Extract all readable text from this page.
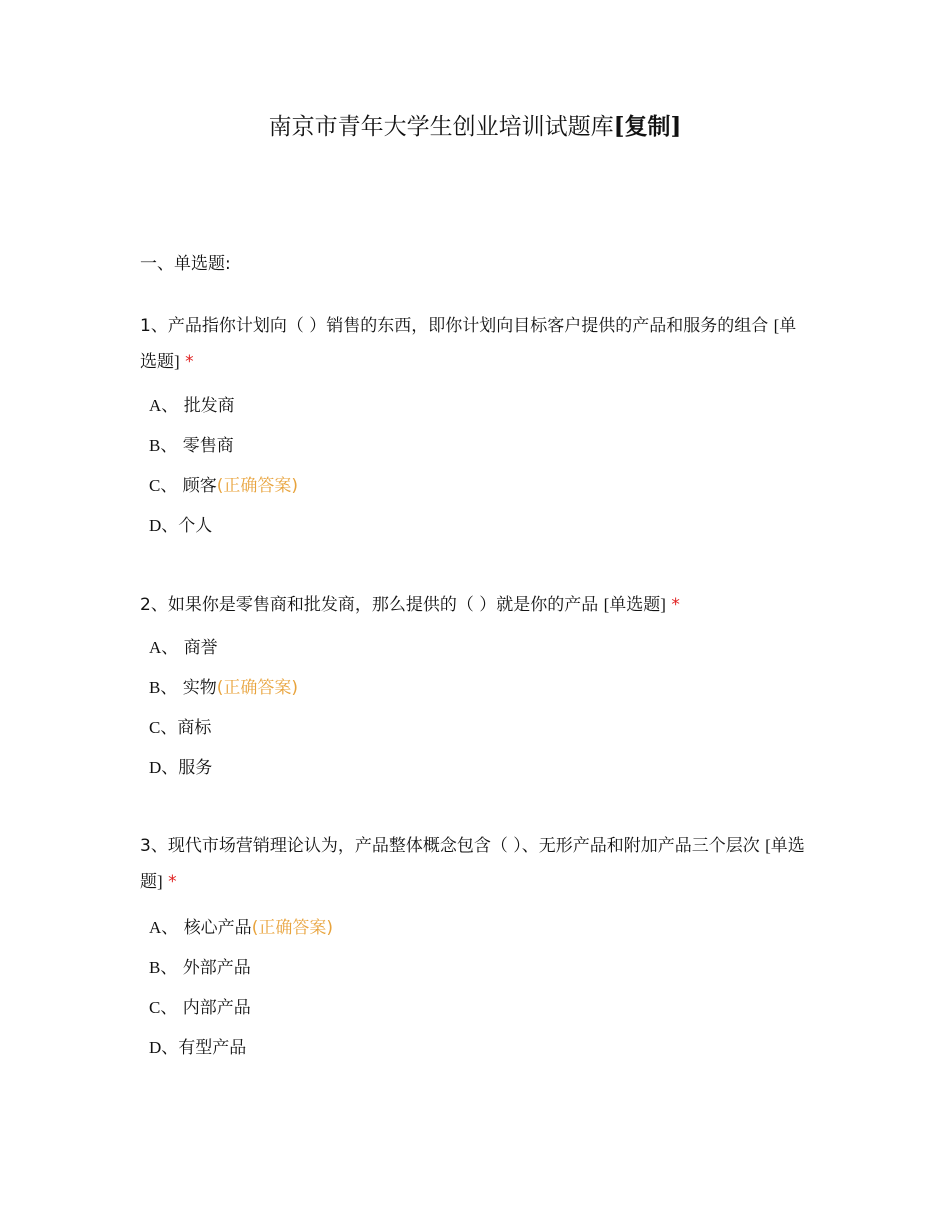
南京市青年大学生创业培训试题库[复制]
一、单选题:
1、产品指你计划向（ ）销售的东西，即你计划向目标客户提供的产品和服务的组合 [单选题] *
A、 批发商
B、 零售商
C、 顾客(正确答案)
D、个人
2、如果你是零售商和批发商，那么提供的（ ）就是你的产品 [单选题] *
A、 商誉
B、 实物(正确答案)
C、商标
D、服务
3、现代市场营销理论认为，产品整体概念包含（ ）、无形产品和附加产品三个层次 [单选题] *
A、 核心产品(正确答案)
B、 外部产品
C、 内部产品
D、有型产品
